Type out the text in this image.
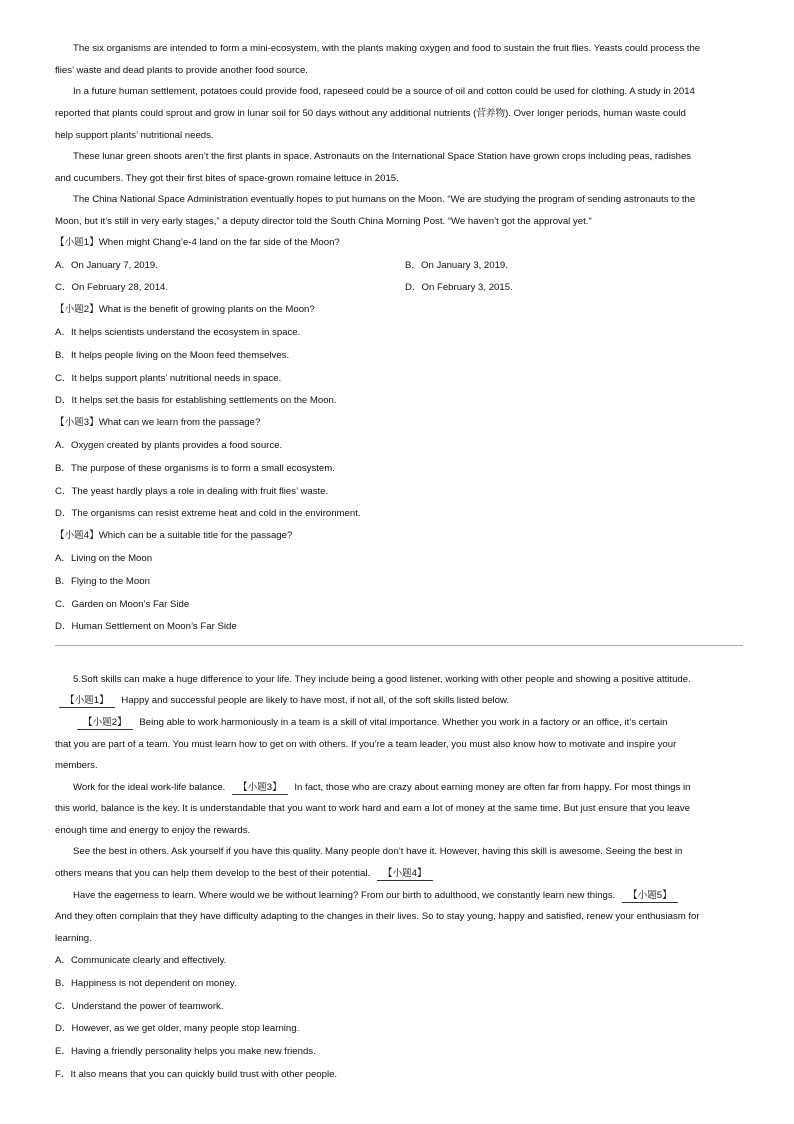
The six organisms are intended to form a mini-ecosystem, with the plants making oxygen and food to sustain the fruit flies. Yeasts could process the
flies’ waste and dead plants to provide another food source.
In a future human settlement, potatoes could provide food, rapeseed could be a source of oil and cotton could be used for clothing. A study in 2014
reported that plants could sprout and grow in lunar soil for 50 days without any additional nutrients (营养物). Over longer periods, human waste could
help support plants’ nutritional needs.
These lunar green shoots aren’t the first plants in space. Astronauts on the International Space Station have grown crops including peas, radishes
and cucumbers. They got their first bites of space-grown romaine lettuce in 2015.
The China National Space Administration eventually hopes to put humans on the Moon. “We are studying the program of sending astronauts to the
Moon, but it’s still in very early stages,” a deputy director told the South China Morning Post. “We haven’t got the approval yet.”
【小题1】When might Chang’e-4 land on the far side of the Moon?
A．On January 7, 2019.	B．On January 3, 2019.
C．On February 28, 2014.	D．On February 3, 2015.
【小题2】What is the benefit of growing plants on the Moon?
A．It helps scientists understand the ecosystem in space.
B．It helps people living on the Moon feed themselves.
C．It helps support plants’ nutritional needs in space.
D．It helps set the basis for establishing settlements on the Moon.
【小题3】What can we learn from the passage?
A．Oxygen created by plants provides a food source.
B．The purpose of these organisms is to form a small ecosystem.
C．The yeast hardly plays a role in dealing with fruit flies’ waste.
D．The organisms can resist extreme heat and cold in the environment.
【小题4】Which can be a suitable title for the passage?
A．Living on the Moon
B．Flying to the Moon
C．Garden on Moon’s Far Side
D．Human Settlement on Moon’s Far Side
5.Soft skills can make a huge difference to your life. They include being a good listener, working with other people and showing a positive attitude.
【小题1】 Happy and successful people are likely to have most, if not all, of the soft skills listed below.
【小题2】 Being able to work harmoniously in a team is a skill of vital importance. Whether you work in a factory or an office, it’s certain
that you are part of a team. You must learn how to get on with others. If you’re a team leader, you must also know how to motivate and inspire your
members.
Work for the ideal work-life balance. 【小题3】 In fact, those who are crazy about earning money are often far from happy. For most things in
this world, balance is the key. It is understandable that you want to work hard and earn a lot of money at the same time. But just ensure that you leave
enough time and energy to enjoy the rewards.
See the best in others. Ask yourself if you have this quality. Many people don’t have it. However, having this skill is awesome. Seeing the best in
others means that you can help them develop to the best of their potential. 【小题4】
Have the eagerness to learn. Where would we be without learning? From our birth to adulthood, we constantly learn new things. 【小题5】
And they often complain that they have difficulty adapting to the changes in their lives. So to stay young, happy and satisfied, renew your enthusiasm for
learning.
A．Communicate clearly and effectively.
B．Happiness is not dependent on money.
C．Understand the power of teamwork.
D．However, as we get older, many people stop learning.
E．Having a friendly personality helps you make new friends.
F．It also means that you can quickly build trust with other people.
